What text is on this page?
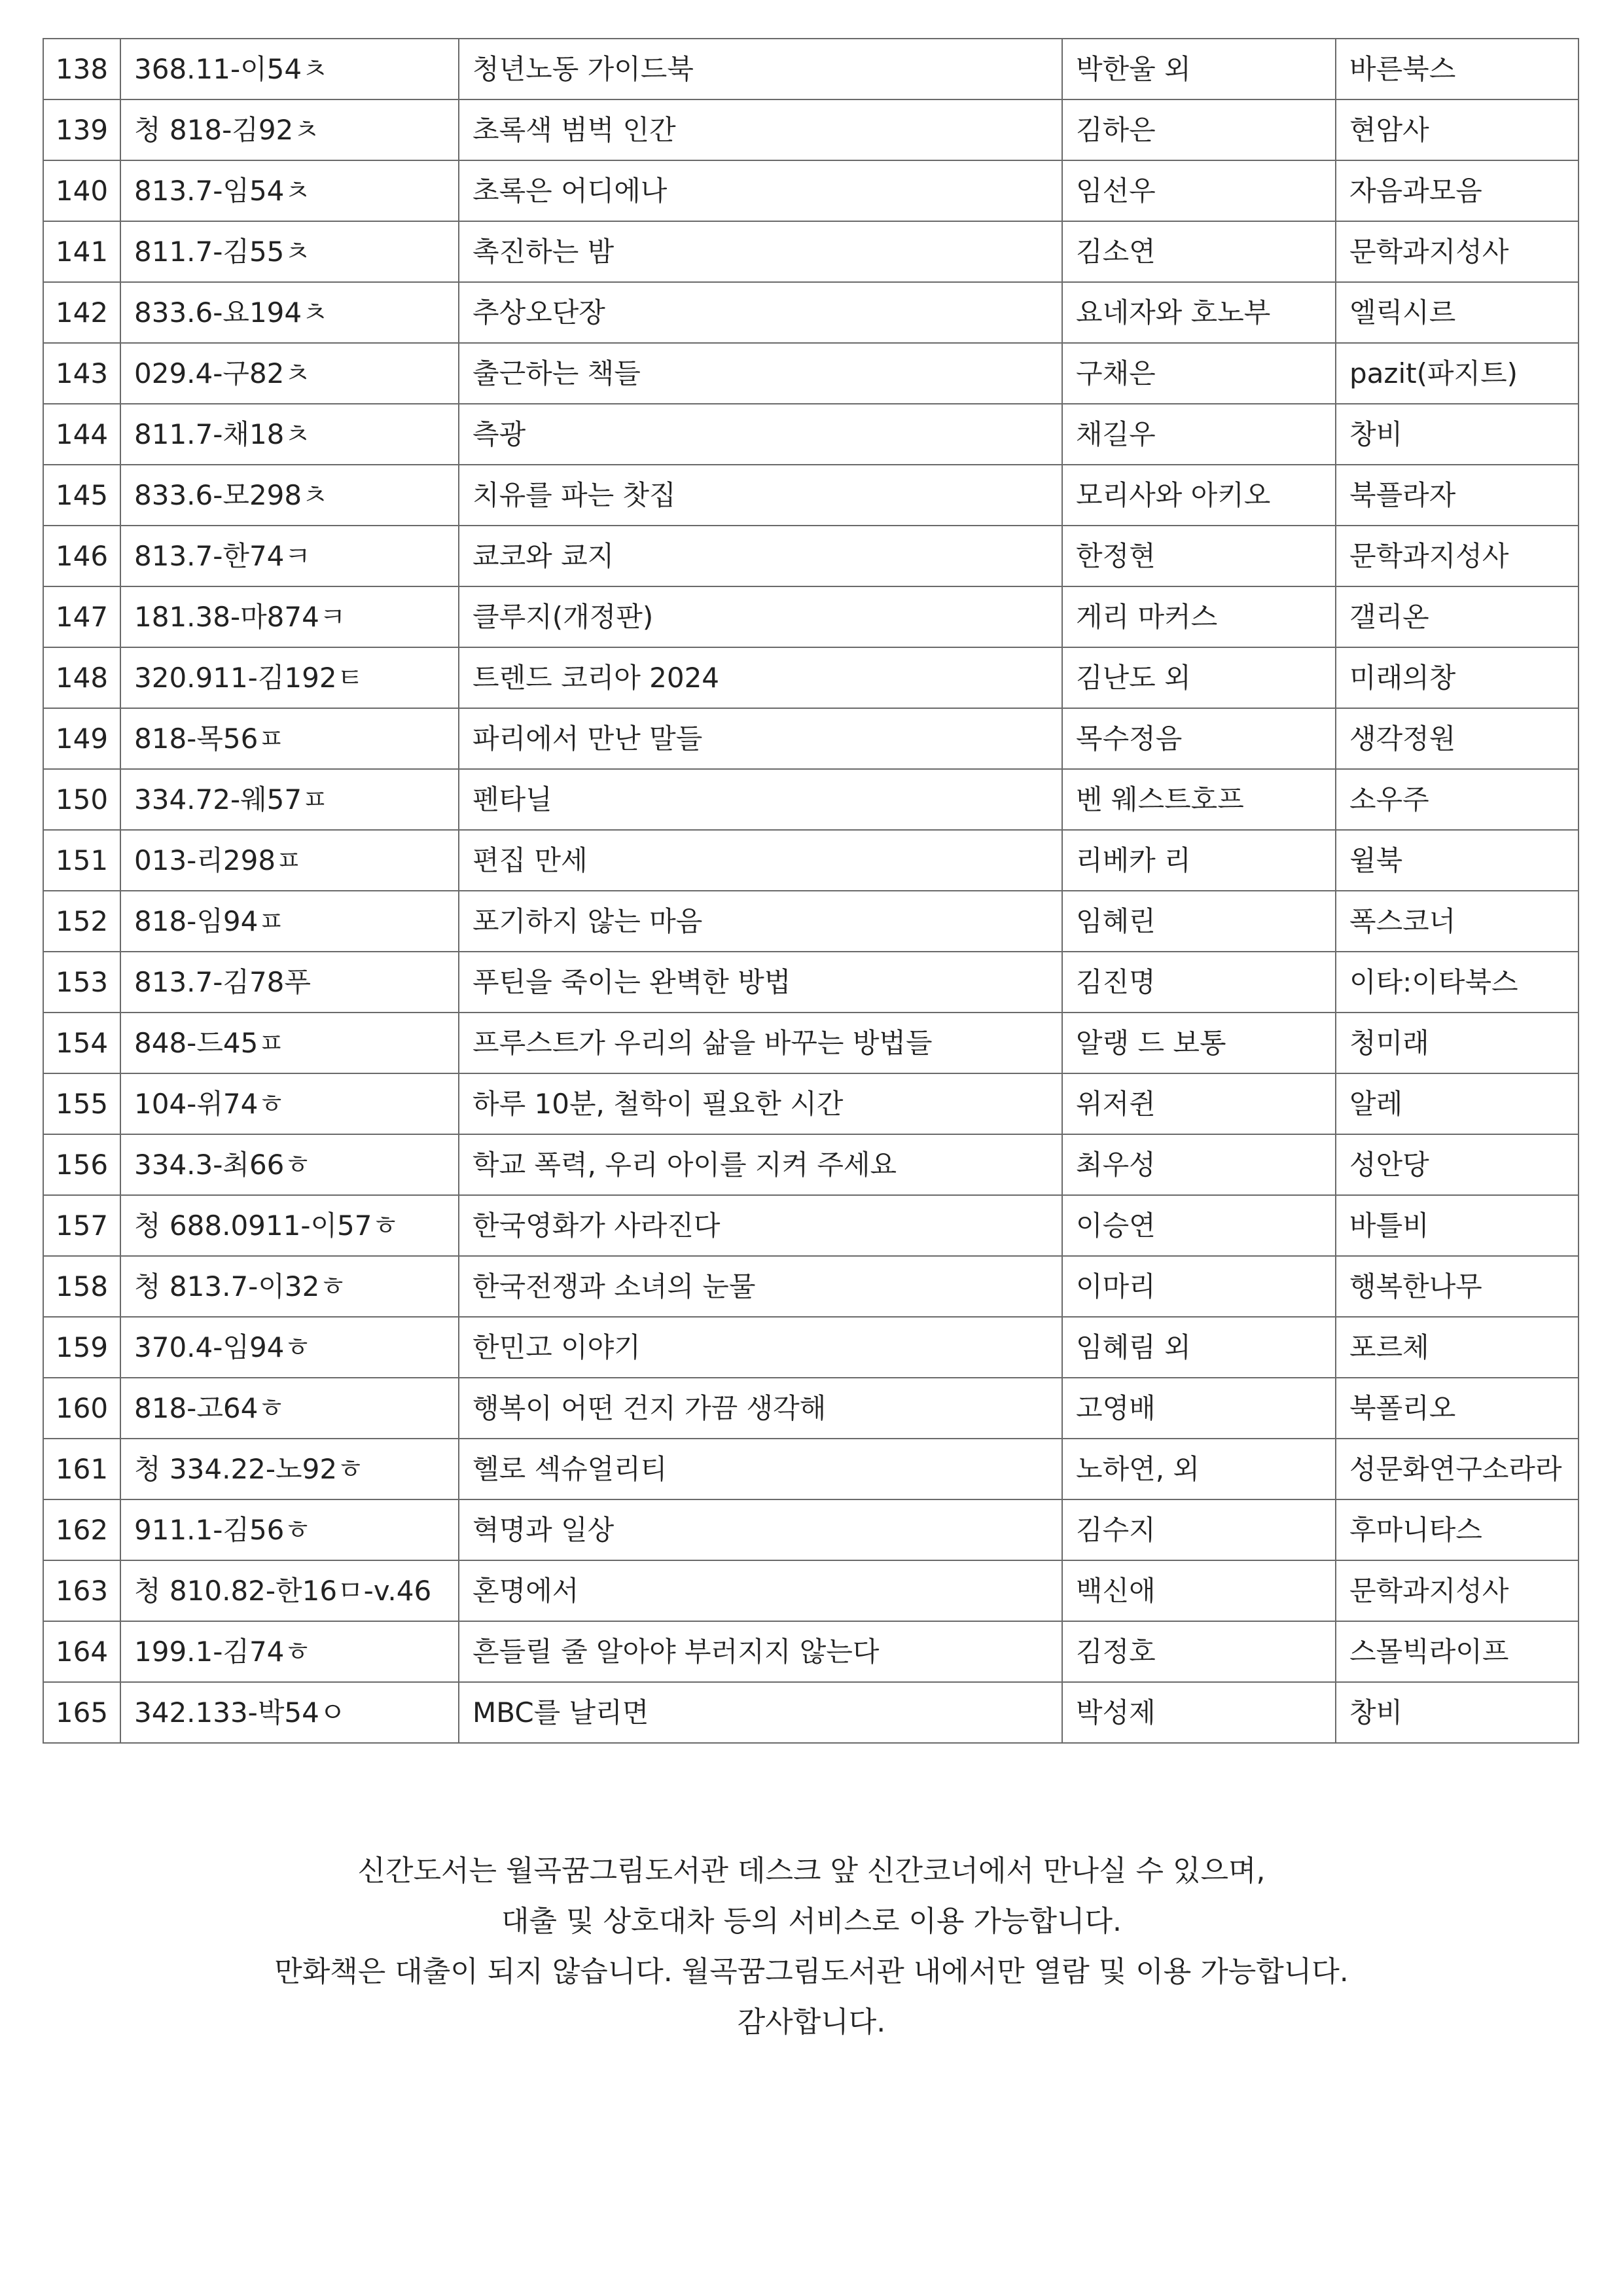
138	368.11-이54ㅊ	청년노동 가이드북	박한울 외	바른북스
139	청 818-김92ㅊ	초록색 범벅 인간	김하은	현암사
140	813.7-임54ㅊ	초록은 어디에나	임선우	자음과모음
141	811.7-김55ㅊ	촉진하는 밤	김소연	문학과지성사
142	833.6-요194ㅊ	추상오단장	요네자와 호노부	엘릭시르
143	029.4-구82ㅊ	출근하는 책들	구채은	pazit(파지트)
144	811.7-채18ㅊ	측광	채길우	창비
145	833.6-모298ㅊ	치유를 파는 찻집	모리사와 아키오	북플라자
146	813.7-한74ㅋ	쿄코와 쿄지	한정현	문학과지성사
147	181.38-마874ㅋ	클루지(개정판)	게리 마커스	갤리온
148	320.911-김192ㅌ	트렌드 코리아 2024	김난도 외	미래의창
149	818-목56ㅍ	파리에서 만난 말들	목수정음	생각정원
150	334.72-웨57ㅍ	펜타닐	벤 웨스트호프	소우주
151	013-리298ㅍ	편집 만세	리베카 리	윌북
152	818-임94ㅍ	포기하지 않는 마음	임혜린	폭스코너
153	813.7-김78푸	푸틴을 죽이는 완벽한 방법	김진명	이타:이타북스
154	848-드45ㅍ	프루스트가 우리의 삶을 바꾸는 방법들	알랭 드 보통	청미래
155	104-위74ㅎ	하루 10분, 철학이 필요한 시간	위저쥔	알레
156	334.3-최66ㅎ	학교 폭력, 우리 아이를 지켜 주세요	최우성	성안당
157	청 688.0911-이57ㅎ	한국영화가 사라진다	이승연	바틀비
158	청 813.7-이32ㅎ	한국전쟁과 소녀의 눈물	이마리	행복한나무
159	370.4-임94ㅎ	한민고 이야기	임혜림 외	포르체
160	818-고64ㅎ	행복이 어떤 건지 가끔 생각해	고영배	북폴리오
161	청 334.22-노92ㅎ	헬로 섹슈얼리티	노하연, 외	성문화연구소라라
162	911.1-김56ㅎ	혁명과 일상	김수지	후마니타스
163	청 810.82-한16ㅁ-v.46	혼명에서	백신애	문학과지성사
164	199.1-김74ㅎ	흔들릴 줄 알아야 부러지지 않는다	김정호	스몰빅라이프
165	342.133-박54ㅇ	MBC를 날리면	박성제	창비
신간도서는 월곡꿈그림도서관 데스크 앞 신간코너에서 만나실 수 있으며,
대출 및 상호대차 등의 서비스로 이용 가능합니다.
만화책은 대출이 되지 않습니다. 월곡꿈그림도서관 내에서만 열람 및 이용 가능합니다.
감사합니다.
